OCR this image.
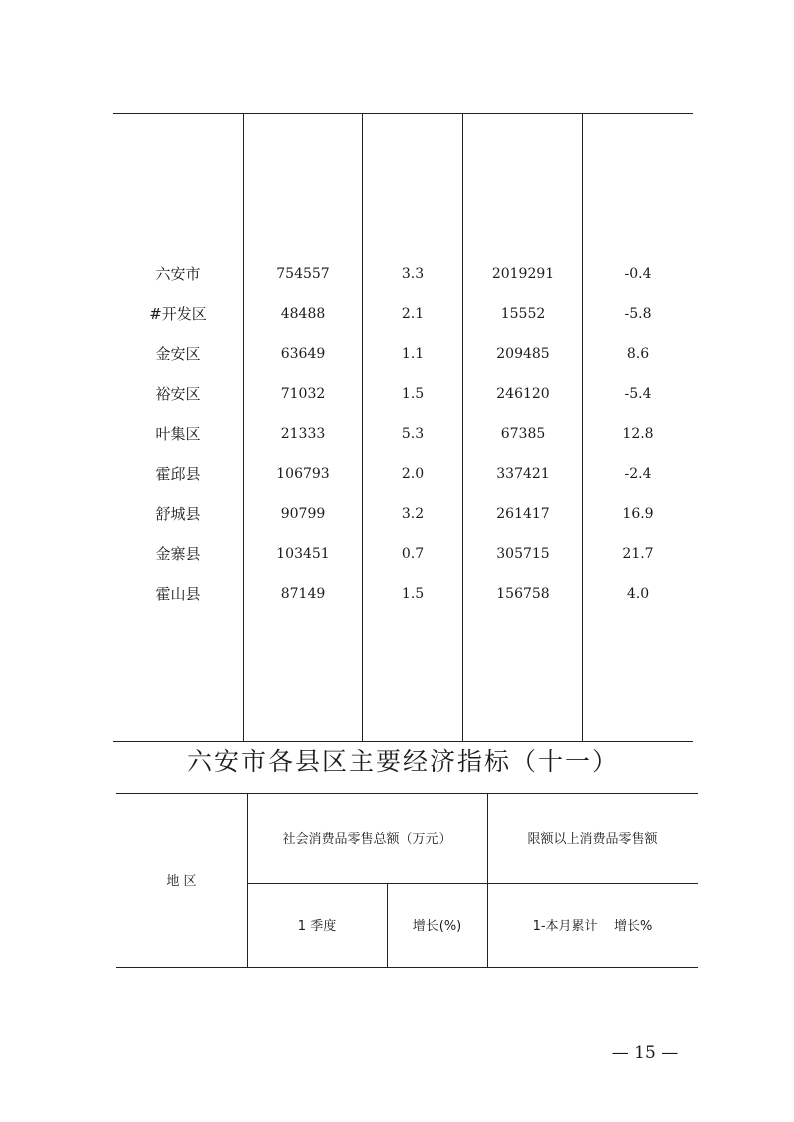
六安市	754557	3.3	2019291	-0.4
#开发区	48488	2.1	15552	-5.8
金安区	63649	1.1	209485	8.6
裕安区	71032	1.5	246120	-5.4
叶集区	21333	5.3	67385	12.8
霍邱县	106793	2.0	337421	-2.4
舒城县	90799	3.2	261417	16.9
金寨县	103451	0.7	305715	21.7
霍山县	87149	1.5	156758	4.0
六安市各县区主要经济指标（十一）
地 区
社会消费品零售总额（万元）	限额以上消费品零售额
1 季度	增长(%)	1-本月累计    增长%
— 15 —
